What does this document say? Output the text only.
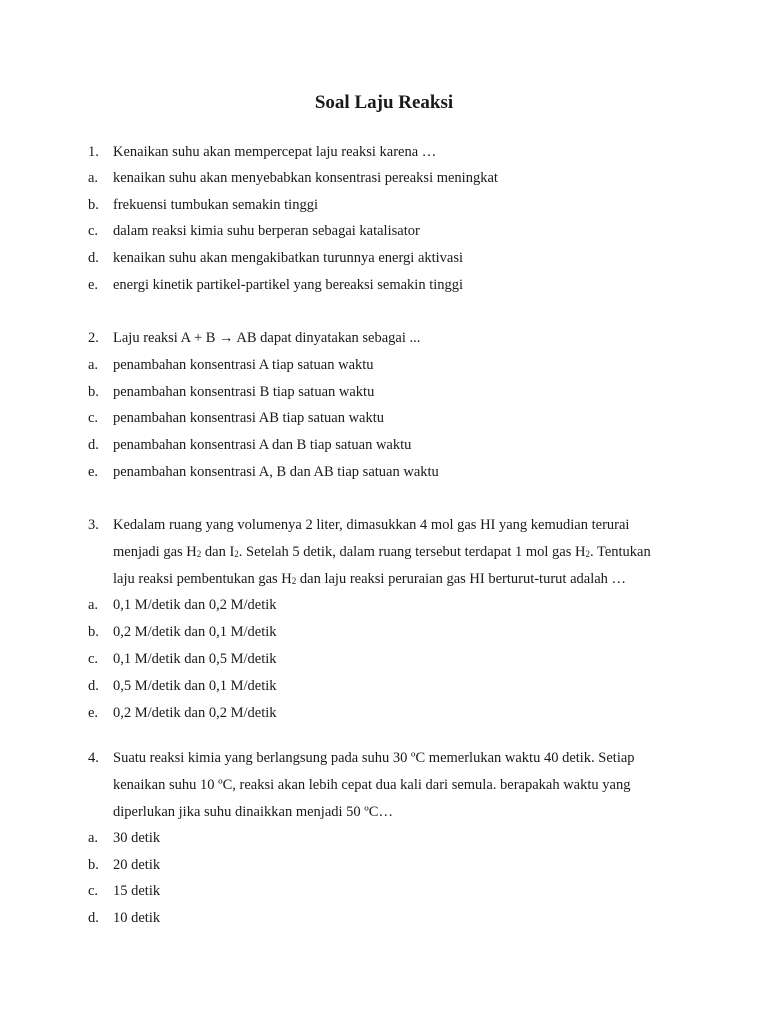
Soal Laju Reaksi
1. Kenaikan suhu akan mempercepat laju reaksi karena …
a. kenaikan suhu akan menyebabkan konsentrasi pereaksi meningkat
b. frekuensi tumbukan semakin tinggi
c. dalam reaksi kimia suhu berperan sebagai katalisator
d. kenaikan suhu akan mengakibatkan turunnya energi aktivasi
e. energi kinetik partikel-partikel yang bereaksi semakin tinggi
2. Laju reaksi A + B → AB dapat dinyatakan sebagai ...
a. penambahan konsentrasi A tiap satuan waktu
b. penambahan konsentrasi B tiap satuan waktu
c. penambahan konsentrasi AB tiap satuan waktu
d. penambahan konsentrasi A dan B tiap satuan waktu
e. penambahan konsentrasi A, B dan AB tiap satuan waktu
3. Kedalam ruang yang volumenya 2 liter, dimasukkan 4 mol gas HI yang kemudian terurai
menjadi gas $H_2$ dan $I_2$. Setelah 5 detik, dalam ruang tersebut terdapat 1 mol gas $H_2$. Tentukan
laju reaksi pembentukan gas $H_2$ dan laju reaksi peruraian gas HI berturut-turut adalah …
a. 0,1 M/detik dan 0,2 M/detik
b. 0,2 M/detik dan 0,1 M/detik
c. 0,1 M/detik dan 0,5 M/detik
d. 0,5 M/detik dan 0,1 M/detik
e. 0,2 M/detik dan 0,2 M/detik
4. Suatu reaksi kimia yang berlangsung pada suhu 30 ºC memerlukan waktu 40 detik. Setiap
kenaikan suhu 10 ºC, reaksi akan lebih cepat dua kali dari semula. berapakah waktu yang
diperlukan jika suhu dinaikkan menjadi 50 ºC…
a. 30 detik
b. 20 detik
c. 15 detik
d. 10 detik
